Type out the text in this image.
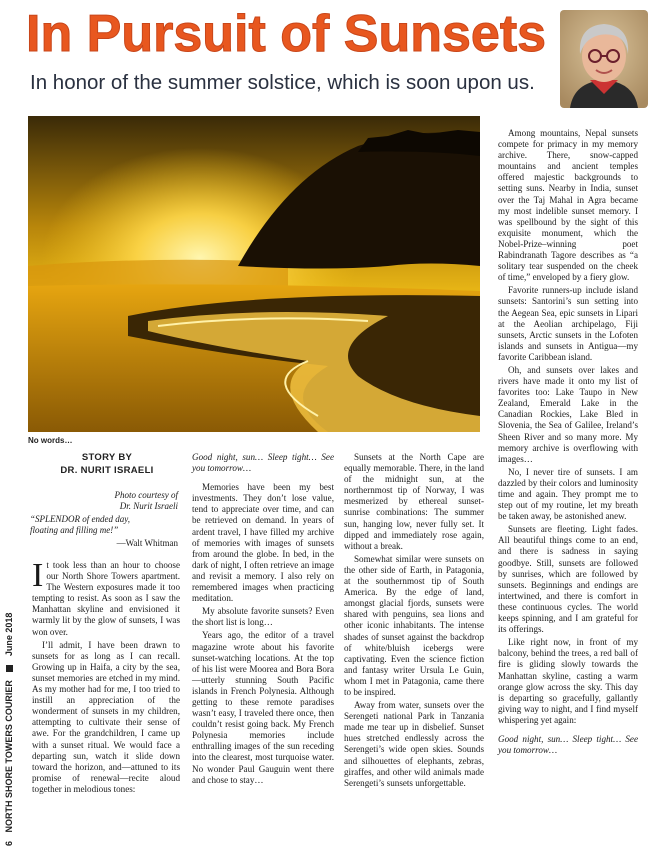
In Pursuit of Sunsets
In honor of the summer solstice, which is soon upon us.
No words…
STORY BY
DR. NURIT ISRAELI
Photo courtesy of
Dr. Nurit Israeli
“SPLENDOR of ended day,
floating and filling me!”
—Walt Whitman

It took less than an hour to choose our North Shore Towers apartment. The Western exposures made it too tempting to resist. As soon as I saw the Manhattan skyline and envisioned it warmly lit by the glow of sunsets, I was won over.

I’ll admit, I have been drawn to sunsets for as long as I can recall. Growing up in Haifa, a city by the sea, sunset memories are etched in my mind. As my mother had for me, I too tried to instill an appreciation of the wonderment of sunsets in my children, attempting to cultivate their sense of awe. For the grandchildren, I came up with a sunset ritual. We would face a departing sun, watch it slide down toward the horizon, and—attuned to its promise of renewal—recite aloud together in melodious tones:

Good night, sun… Sleep tight… See you tomorrow…

Memories have been my best investments. They don’t lose value, tend to appreciate over time, and can be retrieved on demand. In years of ardent travel, I have filled my archive of memories with images of sunsets from around the globe. In bed, in the dark of night, I often retrieve an image and revisit a memory. I also rely on remembered images when practicing meditation.

My absolute favorite sunsets? Even the short list is long…

Years ago, the editor of a travel magazine wrote about his favorite sunset-watching locations. At the top of his list were Moorea and Bora Bora—utterly stunning South Pacific islands in French Polynesia. Although getting to these remote paradises wasn’t easy, I traveled there once, then couldn’t resist going back. My French Polynesia memories include enthralling images of the sun receding into the clearest, most turquoise water. No wonder Paul Gauguin went there and chose to stay…

Sunsets at the North Cape are equally memorable. There, in the land of the midnight sun, at the northernmost tip of Norway, I was mesmerized by ethereal sunset-sunrise combinations: The summer sun, hanging low, never fully set. It dipped and immediately rose again, without a break.

Somewhat similar were sunsets on the other side of Earth, in Patagonia, at the southernmost tip of South America. By the edge of land, amongst glacial fjords, sunsets were shared with penguins, sea lions and other iconic inhabitants. The intense shades of sunset against the backdrop of white/bluish icebergs were captivating. Even the science fiction and fantasy writer Ursula Le Guin, whom I met in Patagonia, came there to be inspired.

Away from water, sunsets over the Serengeti national Park in Tanzania made me tear up in disbelief. Sunset hues stretched endlessly across the Serengeti’s wide open skies. Sounds and silhouettes of elephants, zebras, giraffes, and other wild animals made Serengeti’s sunsets unforgettable.

Among mountains, Nepal sunsets compete for primacy in my memory archive. There, snow-capped mountains and ancient temples offered majestic backgrounds to setting suns. Nearby in India, sunset over the Taj Mahal in Agra became my most indelible sunset memory. I was spellbound by the sight of this exquisite monument, which the Nobel-Prize–winning poet Rabindranath Tagore describes as “a solitary tear suspended on the cheek of time,” enveloped by a fiery glow.

Favorite runners-up include island sunsets: Santorini’s sun setting into the Aegean Sea, epic sunsets in Lipari at the Aeolian archipelago, Fiji sunsets, Arctic sunsets in the Lofoten islands and sunsets in Antigua—my favorite Caribbean island.

Oh, and sunsets over lakes and rivers have made it onto my list of favorites too: Lake Taupo in New Zealand, Emerald Lake in the Canadian Rockies, Lake Bled in Slovenia, the Sea of Galilee, Ireland’s Sheen River and so many more. My memory archive is overflowing with images…

No, I never tire of sunsets. I am dazzled by their colors and luminosity time and again. They prompt me to step out of my routine, let my breath be taken away, be astonished anew.

Sunsets are fleeting. Light fades. All beautiful things come to an end, and there is sadness in saying goodbye. Still, sunsets are followed by sunrises, which are followed by sunsets. Beginnings and endings are intertwined, and there is comfort in these continuous cycles. The world keeps spinning, and I am grateful for its offerings.

Like right now, in front of my balcony, behind the trees, a red ball of fire is gliding slowly towards the Manhattan skyline, casting a warm orange glow across the sky. This day is departing so gracefully, gallantly giving way to night, and I find myself whispering yet again:

Good night, sun… Sleep tight… See you tomorrow…

6 NORTH SHORE TOWERS COURIER  June 2018
